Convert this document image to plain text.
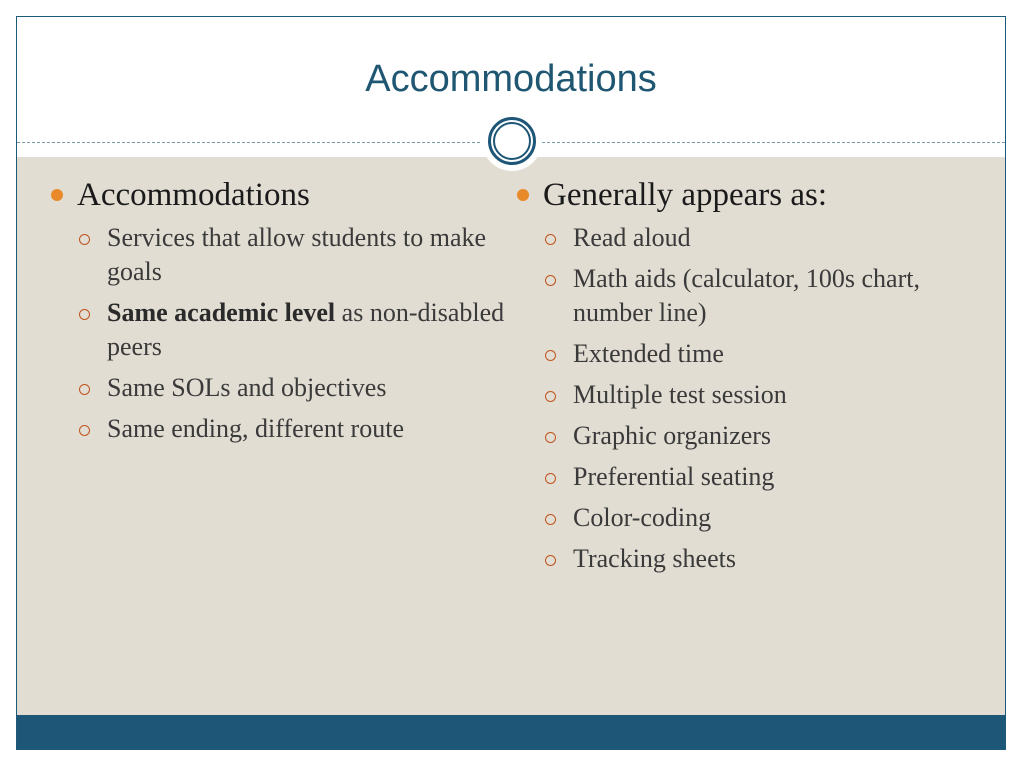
Accommodations
Accommodations
Services that allow students to make goals
Same academic level as non-disabled peers
Same SOLs and objectives
Same ending, different route
Generally appears as:
Read aloud
Math aids (calculator, 100s chart, number line)
Extended time
Multiple test session
Graphic organizers
Preferential seating
Color-coding
Tracking sheets
